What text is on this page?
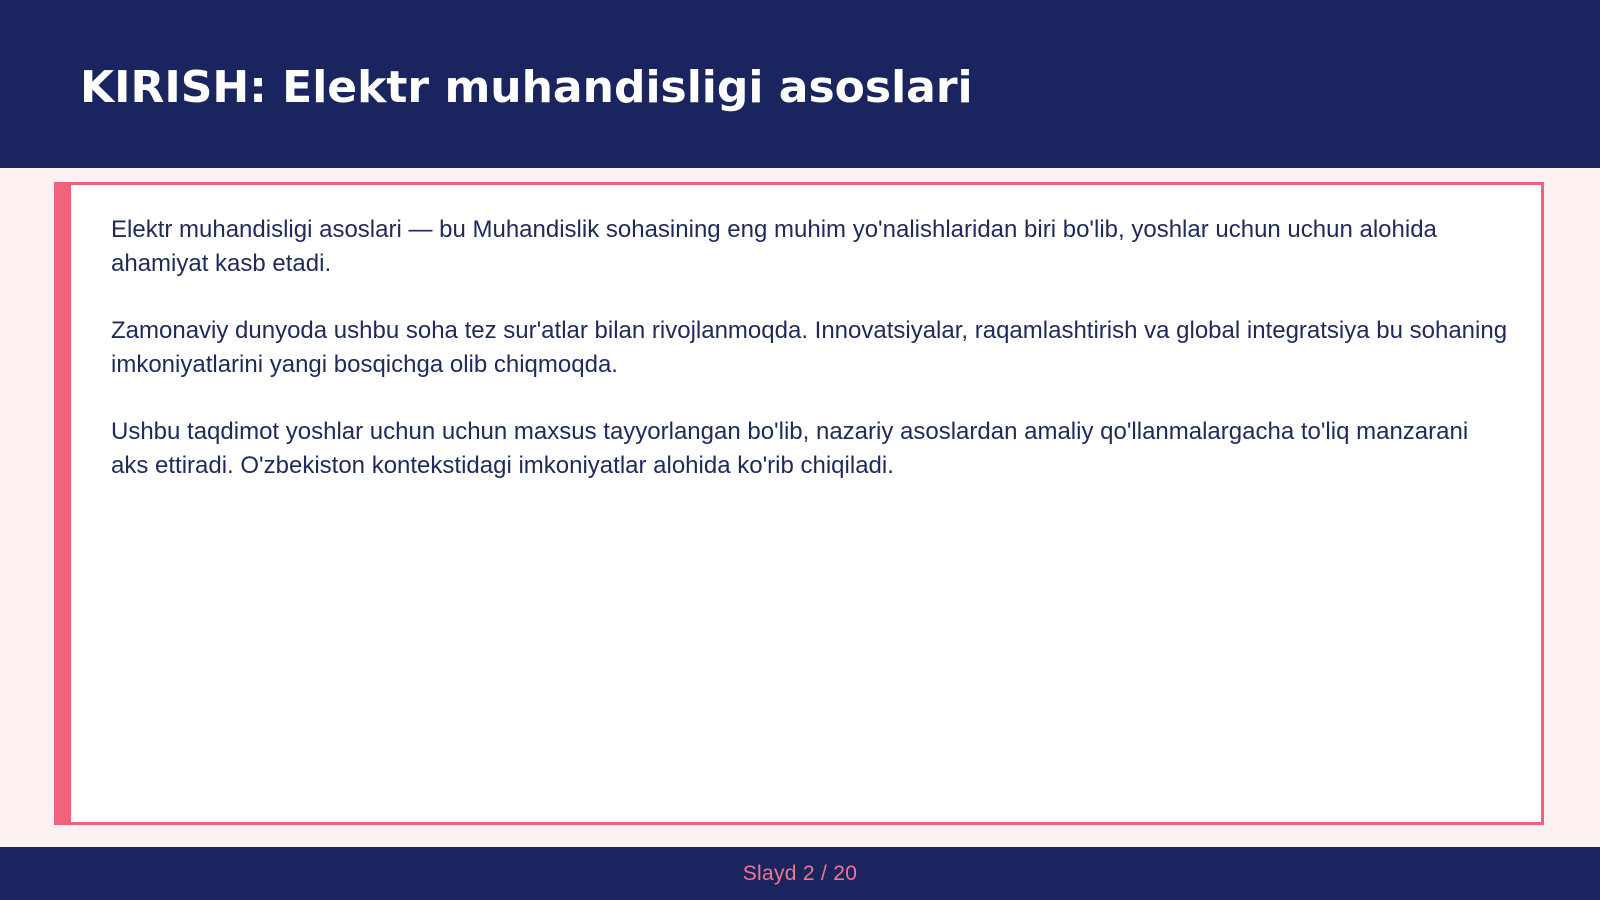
KIRISH: Elektr muhandisligi asoslari

Elektr muhandisligi asoslari — bu Muhandislik sohasining eng muhim yo'nalishlaridan biri bo'lib, yoshlar uchun uchun alohida ahamiyat kasb etadi.

Zamonaviy dunyoda ushbu soha tez sur'atlar bilan rivojlanmoqda. Innovatsiyalar, raqamlashtirish va global integratsiya bu sohaning imkoniyatlarini yangi bosqichga olib chiqmoqda.

Ushbu taqdimot yoshlar uchun uchun maxsus tayyorlangan bo'lib, nazariy asoslardan amaliy qo'llanmalargacha to'liq manzarani aks ettiradi. O'zbekiston kontekstidagi imkoniyatlar alohida ko'rib chiqiladi.

Slayd 2 / 20
